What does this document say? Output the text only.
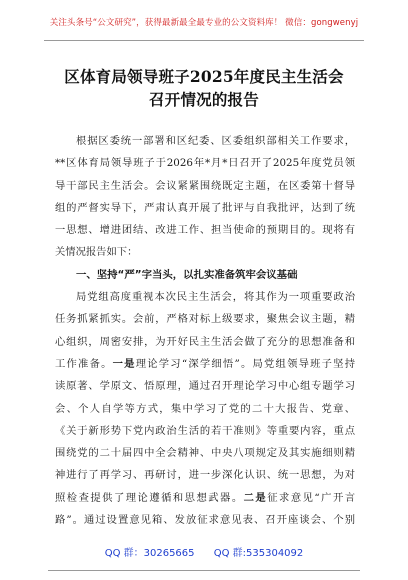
关注头条号“公文研究”，获得最新最全最专业的公文资料库！ 微信：gongwenyj
区体育局领导班子2025年度民主生活会
召开情况的报告
根据区委统一部署和区纪委、区委组织部相关工作要求，
**区体育局领导班子于2026年*月*日召开了2025年度党员领
导干部民主生活会。会议紧紧围绕既定主题，在区委第十督导
组的严督实导下，严肃认真开展了批评与自我批评，达到了统
一思想、增进团结、改进工作、担当使命的预期目的。现将有
关情况报告如下：
一、坚持“严”字当头，以扎实准备筑牢会议基础
局党组高度重视本次民主生活会，将其作为一项重要政治
任务抓紧抓实。会前，严格对标上级要求，聚焦会议主题，精
心组织，周密安排，为开好民主生活会做了充分的思想准备和
工作准备。一是理论学习“深学细悟”。局党组领导班子坚持
读原著、学原文、悟原理，通过召开理论学习中心组专题学习
会、个人自学等方式，集中学习了党的二十大报告、党章、
《关于新形势下党内政治生活的若干准则》等重要内容，重点
围绕党的二十届四中全会精神、中央八项规定及其实施细则精
神进行了再学习、再研讨，进一步深化认识、统一思想，为对
照检查提供了理论遵循和思想武器。二是征求意见“广开言
路”。通过设置意见箱、发放征求意见表、召开座谈会、个别
QQ 群：30265665 QQ 群:535304092
